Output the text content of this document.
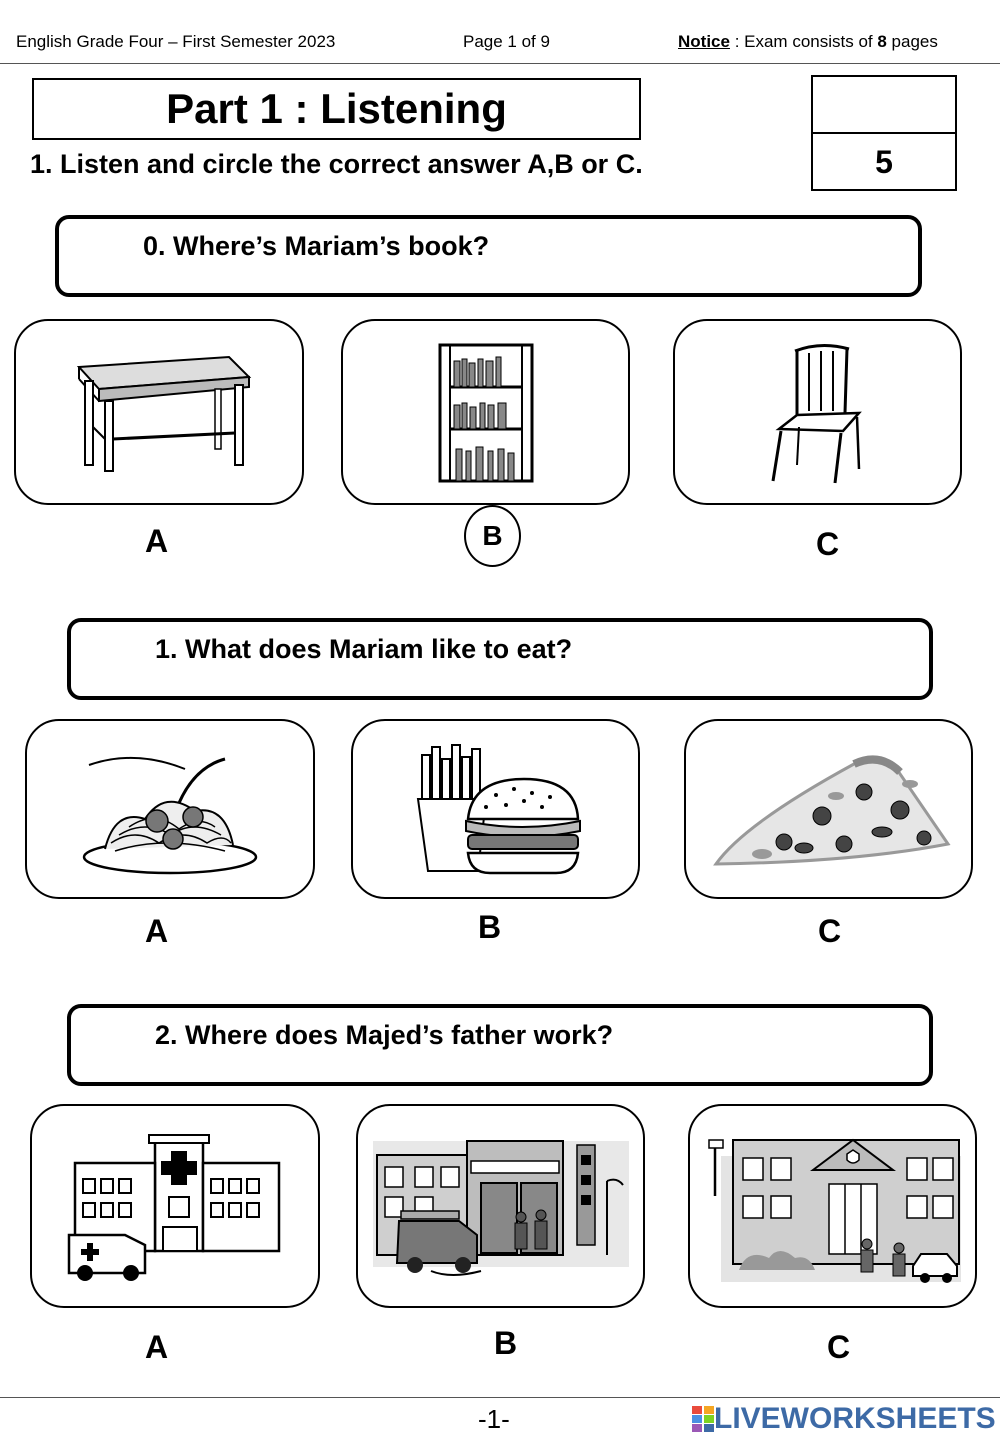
English Grade Four – First Semester 2023	Page 1 of 9	Notice : Exam consists of 8 pages
Part 1 : Listening
1. Listen and circle the correct answer A,B or C.	5
0. Where’s Mariam’s book?
A	B	C
1. What does Mariam like to eat?
A	B	C
2. Where does Majed’s father work?
A	B	C
-1-	LIVEWORKSHEETS
